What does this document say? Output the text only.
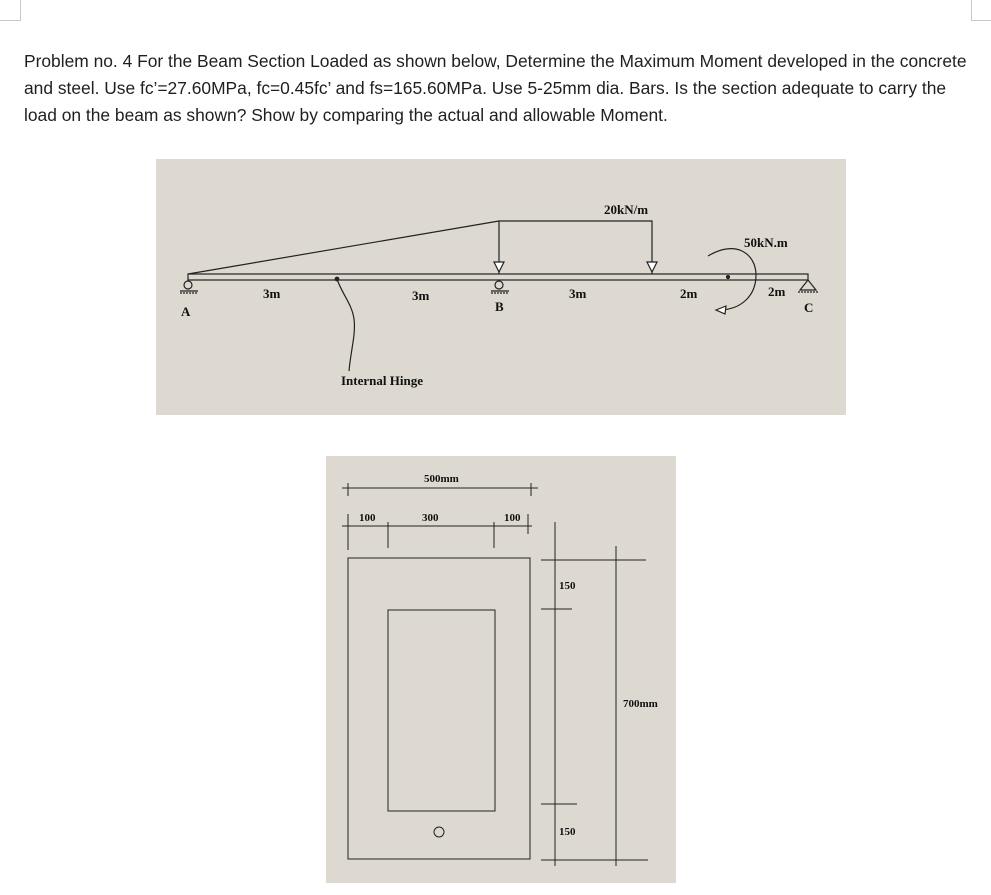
Problem no. 4 For the Beam Section Loaded as shown below, Determine the Maximum Moment developed in the concrete and steel. Use fc’=27.60MPa, fc=0.45fc’ and fs=165.60MPa. Use 5-25mm dia. Bars. Is the section adequate to carry the load on the beam as shown? Show by comparing the actual and allowable Moment.

20kN/m
50kN.m
3m	3m	3m	2m	2m
A	B	C
Internal Hinge
500mm
100	300	100
150
150
700mm
